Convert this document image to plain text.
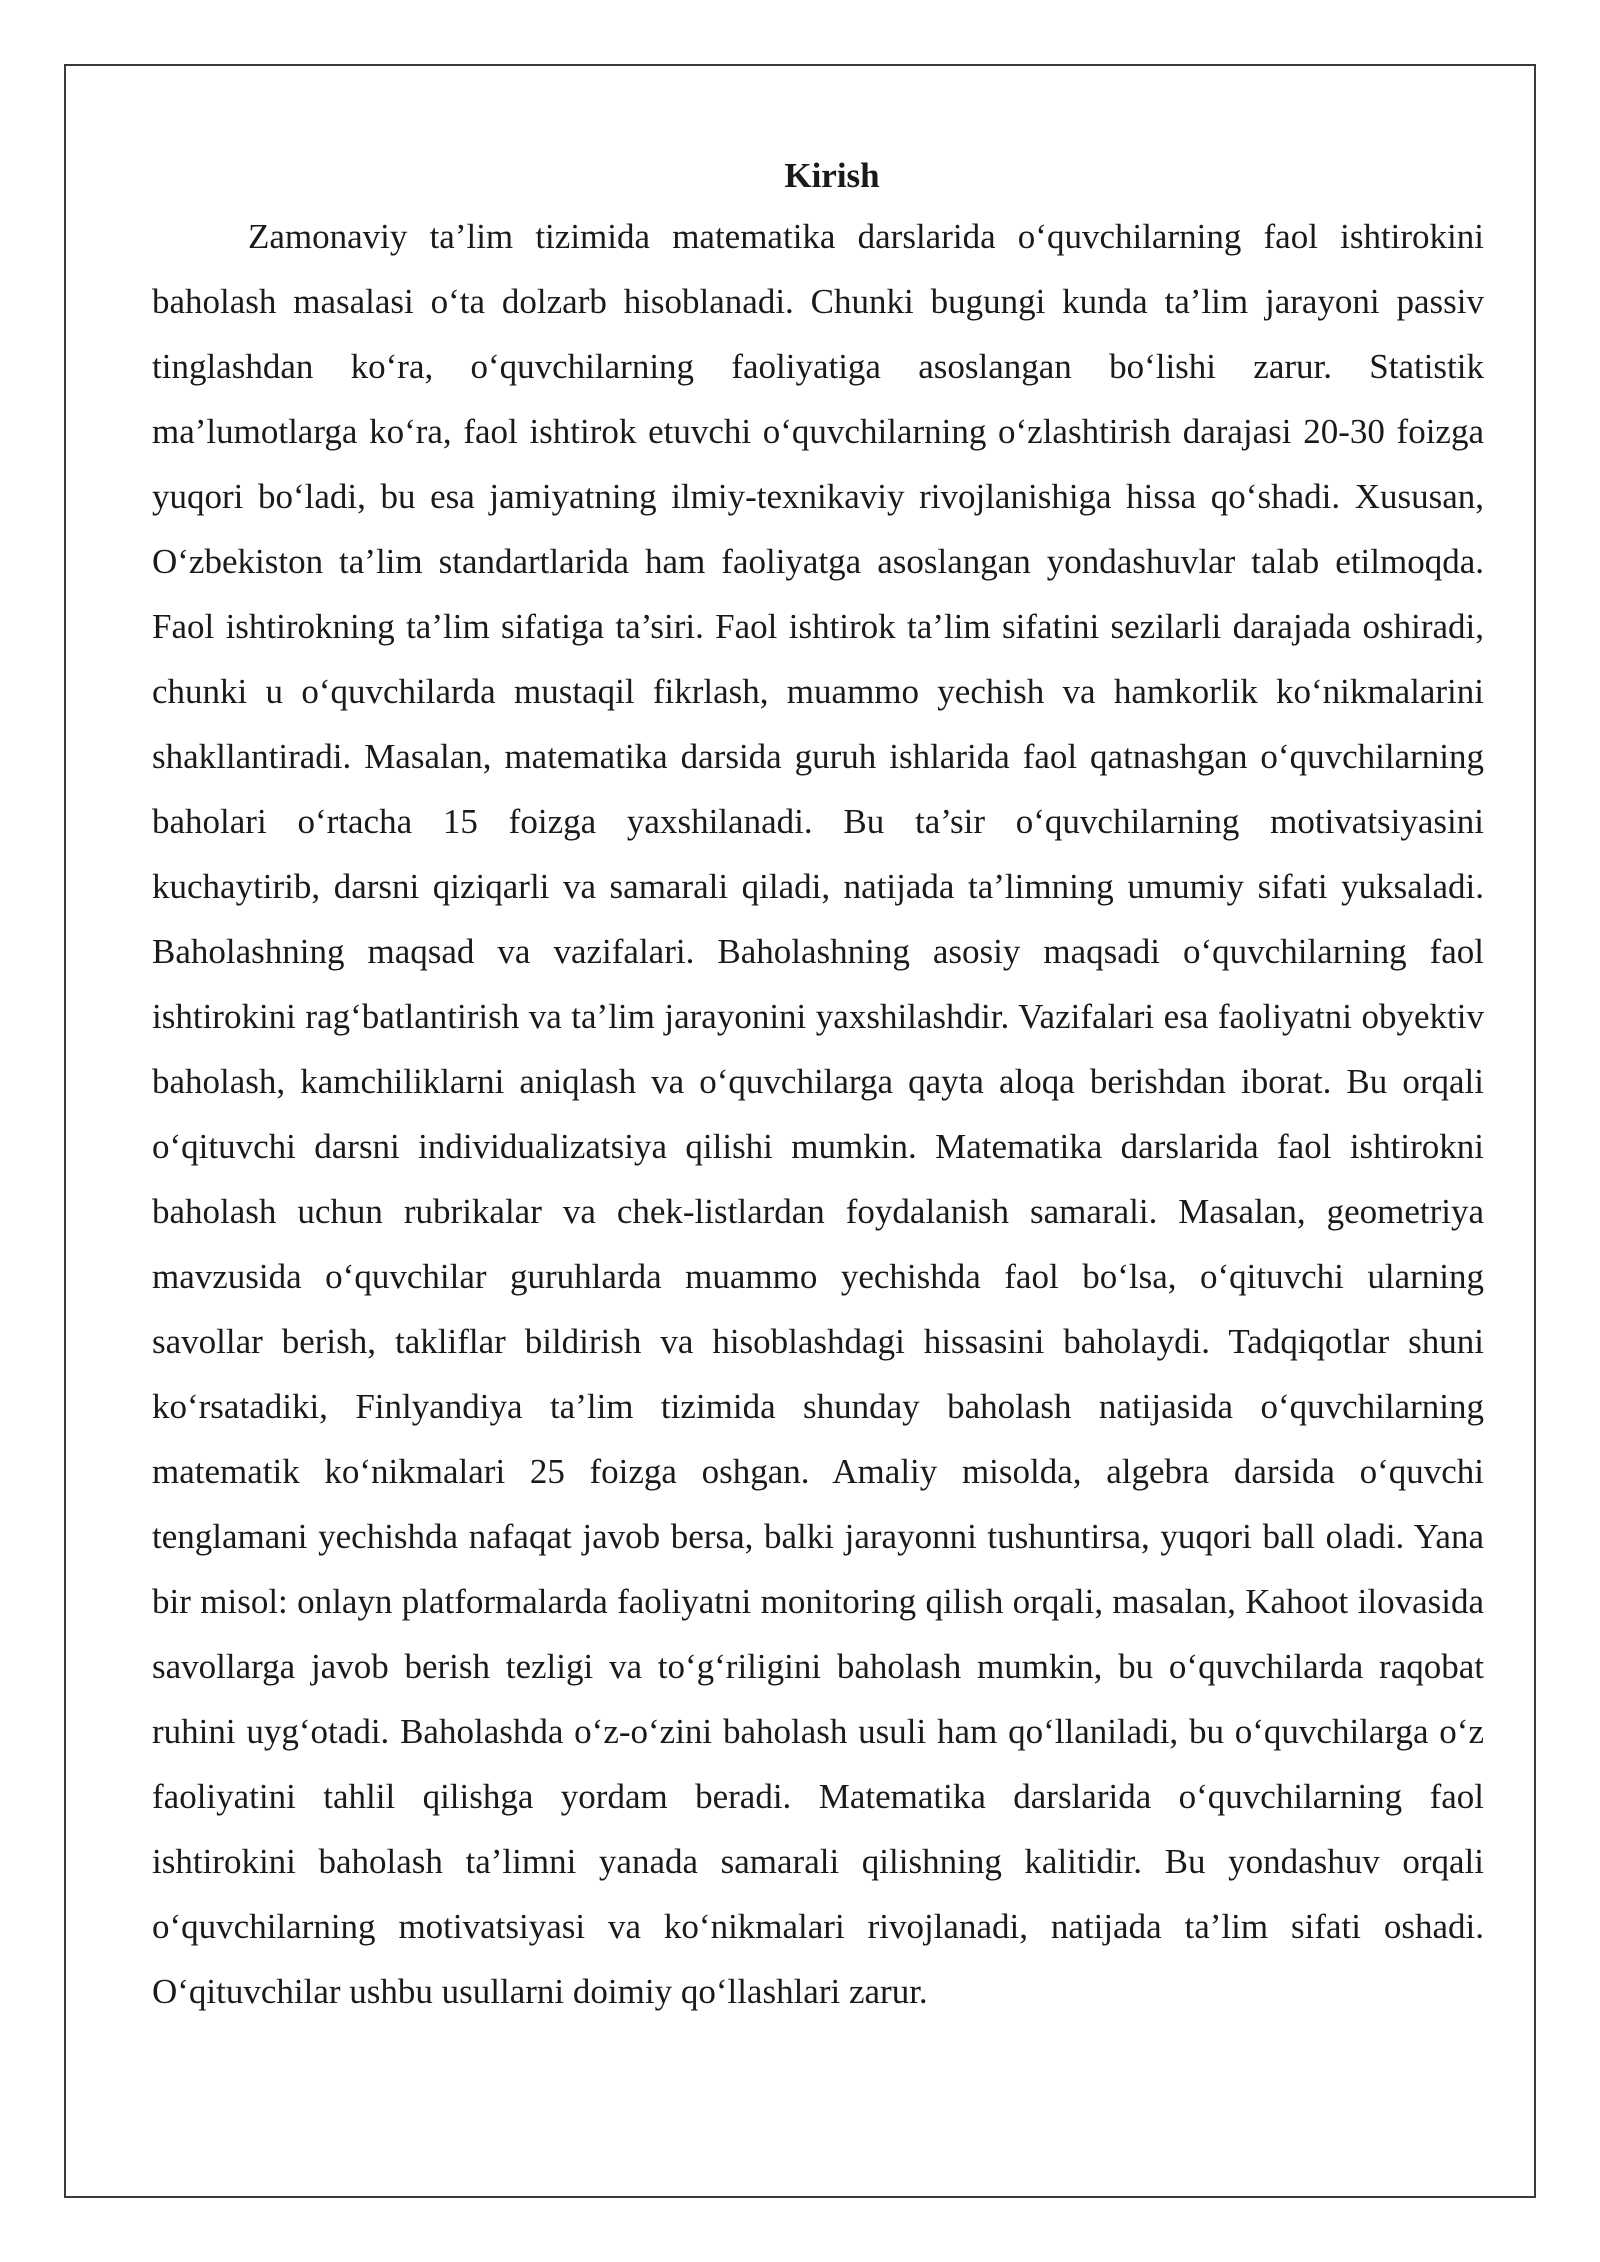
Kirish

Zamonaviy ta’lim tizimida matematika darslarida o‘quvchilarning faol ishtirokini baholash masalasi o‘ta dolzarb hisoblanadi. Chunki bugungi kunda ta’lim jarayoni passiv tinglashdan ko‘ra, o‘quvchilarning faoliyatiga asoslangan bo‘lishi zarur. Statistik ma’lumotlarga ko‘ra, faol ishtirok etuvchi o‘quvchilarning o‘zlashtirish darajasi 20-30 foizga yuqori bo‘ladi, bu esa jamiyatning ilmiy-texnikaviy rivojlanishiga hissa qo‘shadi. Xususan, O‘zbekiston ta’lim standartlarida ham faoliyatga asoslangan yondashuvlar talab etilmoqda. Faol ishtirokning ta’lim sifatiga ta’siri. Faol ishtirok ta’lim sifatini sezilarli darajada oshiradi, chunki u o‘quvchilarda mustaqil fikrlash, muammo yechish va hamkorlik ko‘nikmalarini shakllantiradi. Masalan, matematika darsida guruh ishlarida faol qatnashgan o‘quvchilarning baholari o‘rtacha 15 foizga yaxshilanadi. Bu ta’sir o‘quvchilarning motivatsiyasini kuchaytirib, darsni qiziqarli va samarali qiladi, natijada ta’limning umumiy sifati yuksaladi. Baholashning maqsad va vazifalari. Baholashning asosiy maqsadi o‘quvchilarning faol ishtirokini rag‘batlantirish va ta’lim jarayonini yaxshilashdir. Vazifalari esa faoliyatni obyektiv baholash, kamchiliklarni aniqlash va o‘quvchilarga qayta aloqa berishdan iborat. Bu orqali o‘qituvchi darsni individualizatsiya qilishi mumkin. Matematika darslarida faol ishtirokni baholash uchun rubrikalar va chek-listlardan foydalanish samarali. Masalan, geometriya mavzusida o‘quvchilar guruhlarda muammo yechishda faol bo‘lsa, o‘qituvchi ularning savollar berish, takliflar bildirish va hisoblashdagi hissasini baholaydi. Tadqiqotlar shuni ko‘rsatadiki, Finlyandiya ta’lim tizimida shunday baholash natijasida o‘quvchilarning matematik ko‘nikmalari 25 foizga oshgan. Amaliy misolda, algebra darsida o‘quvchi tenglamani yechishda nafaqat javob bersa, balki jarayonni tushuntirsa, yuqori ball oladi. Yana bir misol: onlayn platformalarda faoliyatni monitoring qilish orqali, masalan, Kahoot ilovasida savollarga javob berish tezligi va to‘g‘riligini baholash mumkin, bu o‘quvchilarda raqobat ruhini uyg‘otadi. Baholashda o‘z-o‘zini baholash usuli ham qo‘llaniladi, bu o‘quvchilarga o‘z faoliyatini tahlil qilishga yordam beradi. Matematika darslarida o‘quvchilarning faol ishtirokini baholash ta’limni yanada samarali qilishning kalitidir. Bu yondashuv orqali o‘quvchilarning motivatsiyasi va ko‘nikmalari rivojlanadi, natijada ta’lim sifati oshadi. O‘qituvchilar ushbu usullarni doimiy qo‘llashlari zarur.
